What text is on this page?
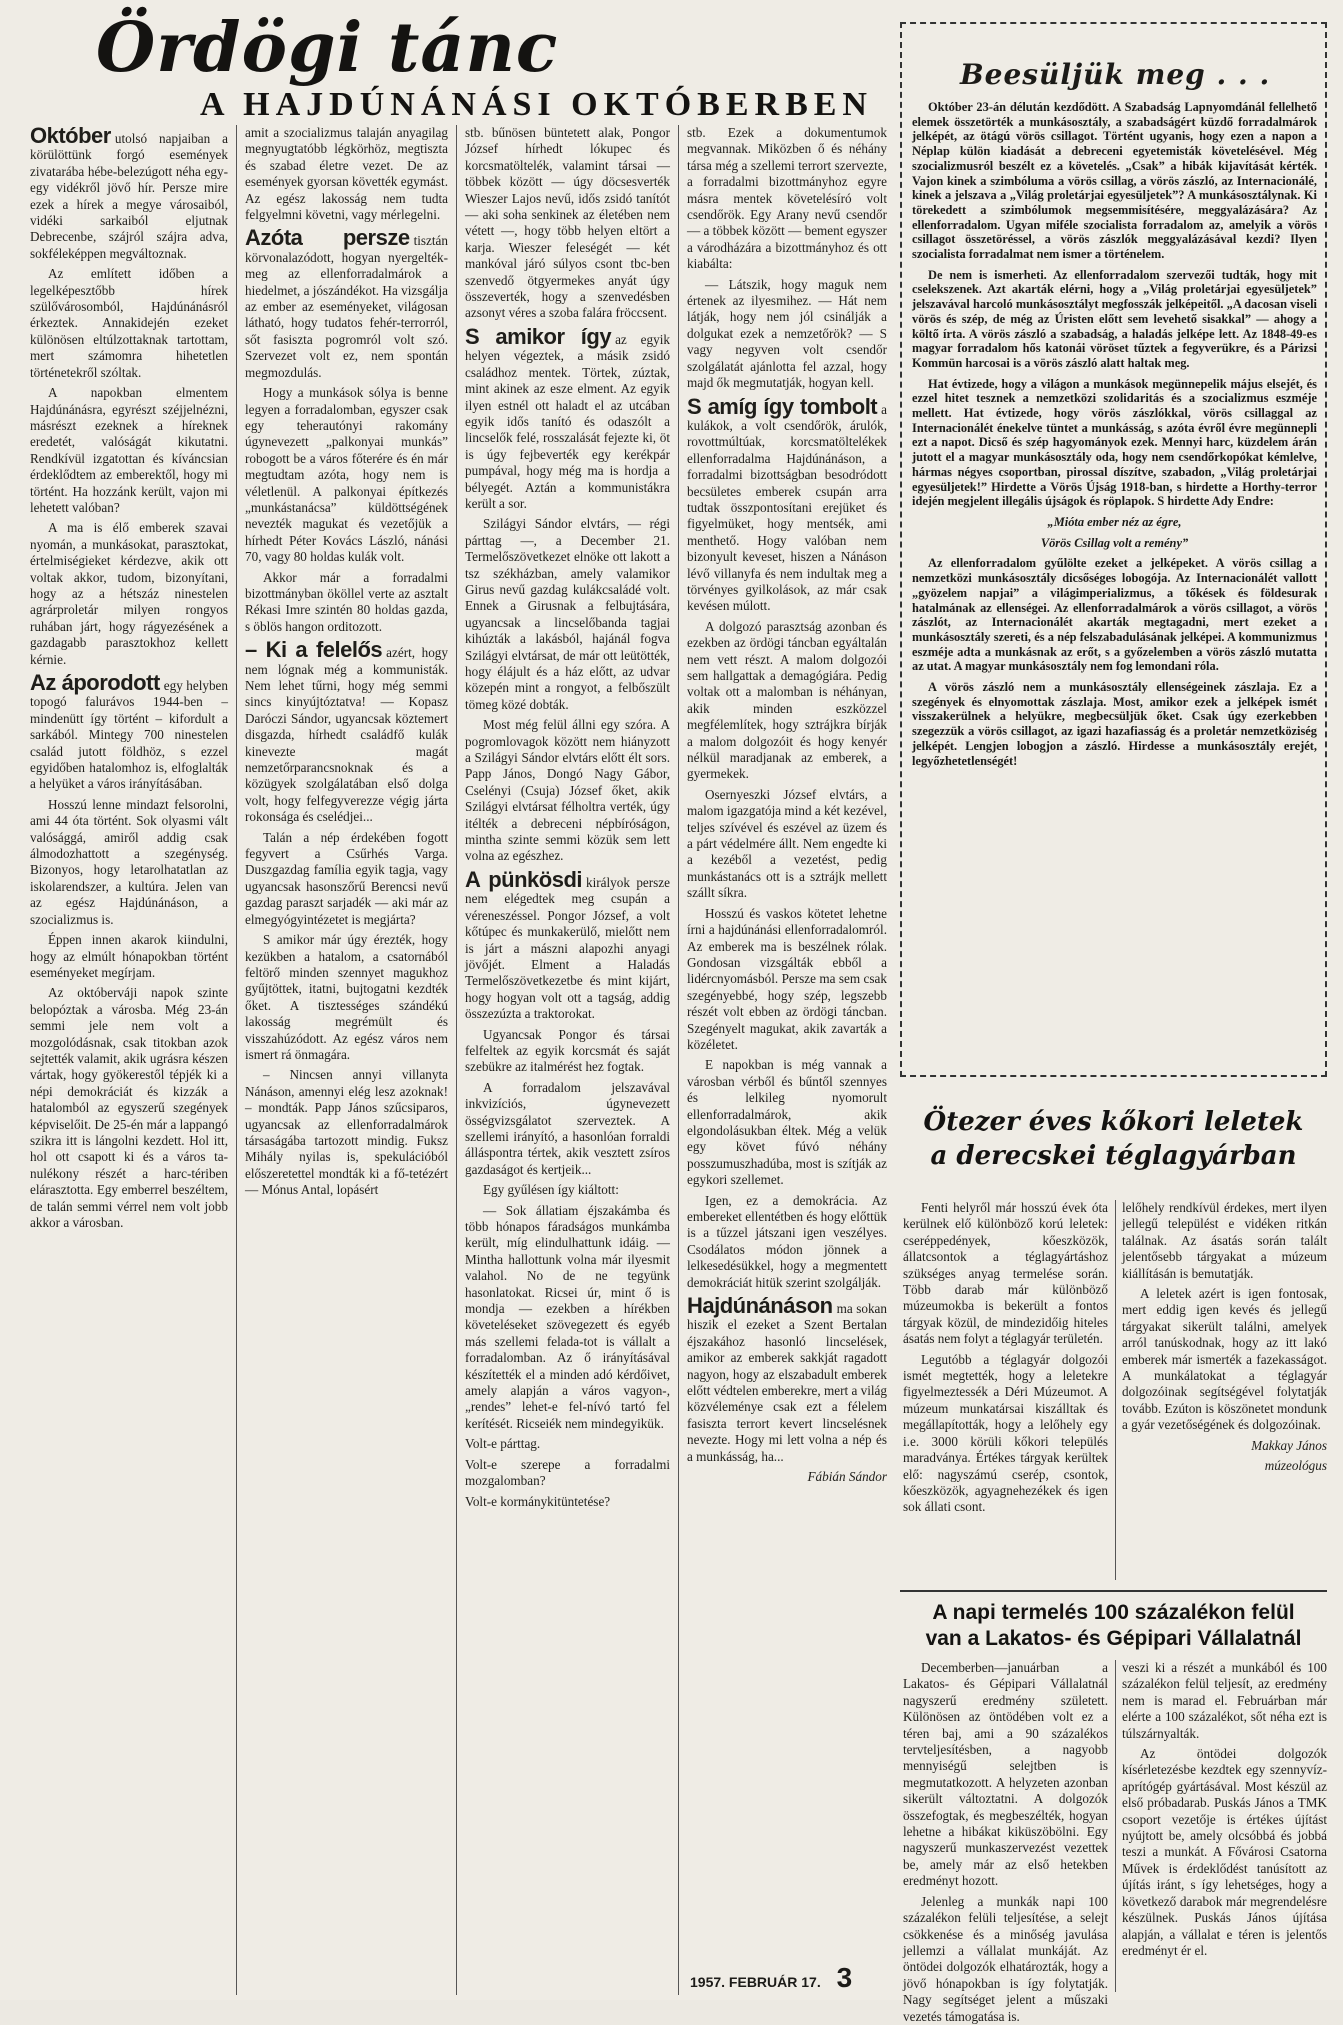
Ördögi tánc
A HAJDÚNÁNÁSI OKTÓBERBEN

Október utolsó napjaiban a körülöttünk forgó események zivatarába hébe-belezúgott néha egy-egy vidékről jövő hír. Persze mire ezek a hírek a megye városaiból, vidéki sarkaiból eljutnak Debrecenbe, szájról szájra adva, sokféleképpen megváltoznak.

Az említett időben a legelképesztőbb hírek szülővárosomból, Hajdúnánásról érkeztek. Annakidején ezeket különösen eltúlzottaknak tartottam, mert számomra hihetetlen történetekről szóltak.

A napokban elmentem Hajdúnánásra, egyrészt széjjelnézni, másrészt ezeknek a híreknek eredetét, valóságát kikutatni. Rendkívül izgatottan és kíváncsian érdeklődtem az emberektől, hogy mi történt. Ha hozzánk került, vajon mi lehetett valóban?

A ma is élő emberek szavai nyomán, a munkásokat, parasztokat, értelmiségieket kérdezve, akik ott voltak akkor, tudom, bizonyítani, hogy az a hétszáz ninestelen agrárproletár milyen rongyos ruhában járt, hogy rágyezésének a gazdagabb parasztokhoz kellett kérnie.

Az áporodott egy helyben topogó falurávos 1944-ben – mindenütt így történt – kifordult a sarkából. Mintegy 700 ninestelen család jutott földhöz, s ezzel egyidőben hatalomhoz is, elfoglalták a helyüket a város irányításában.

Hosszú lenne mindazt felsorolni, ami 44 óta történt. Sok olyasmi vált valósággá, amiről addig csak álmodozhattott a szegénység. Bizonyos, hogy letarolhatatlan az iskolarendszer, a kultúra. Jelen van az egész Hajdúnánáson, a szocializmus is.

Éppen innen akarok kiindulni, hogy az elmúlt hónapokban történt eseményeket megírjam.

Az októberváji napok szinte belopóztak a városba. Még 23-án semmi jele nem volt a mozgolódásnak, csak titokban azok sejtették valamit, akik ugrásra készen vártak, hogy gyökerestől tépjék ki a népi demokráciát és kizzák a hatalomból az egyszerű szegények képviselőit. De 25-én már a lappangó szikra itt is lángolni kezdett. Hol itt, hol ott csapott ki és a város ta-nulékony részét a harc-tériben elárasztotta. Egy emberrel beszéltem, de talán semmi vérrel nem volt jobb akkor a városban.

amit a szocializmus talaján anyagilag megnyugtatóbb légkörhöz, megtiszta és szabad életre vezet. De az események gyorsan követték egymást. Az egész lakosság nem tudta felgyelmni követni, vagy mérlegelni.

Azóta persze tisztán körvonalazódott, hogyan nyergelték-meg az ellenforradalmárok a hiedelmet, a jószándékot. Ha vizsgálja az ember az eseményeket, világosan látható, hogy tudatos fehér-terrorról, sőt fasiszta pogromról volt szó. Szervezet volt ez, nem spontán megmozdulás.

Hogy a munkások sólya is benne legyen a forradalomban, egyszer csak egy teherautónyi rakomány úgynevezett „palkonyai munkás” robogott be a város főterére és én már megtudtam azóta, hogy nem is véletlenül. A palkonyai építkezés „munkástanácsa” küldöttségének nevezték magukat és vezetőjük a hírhedt Péter Kovács László, nánási 70, vagy 80 holdas kulák volt.

Akkor már a forradalmi bizottmányban ököllel verte az asztalt Rékasi Imre szintén 80 holdas gazda, s öblös hangon orditozott.

– Ki a felelős azért, hogy nem lógnak még a kommunisták. Nem lehet tűrni, hogy még semmi sincs kinyújtóztatva! — Kopasz Daróczi Sándor, ugyancsak köztemert disgazda, hírhedt családfő kulák kinevezte magát nemzetőrparancsnoknak és a közügyek szolgálatában első dolga volt, hogy felfegyverezze végig járta rokonsága és cselédjei...

Talán a nép érdekében fogott fegyvert a Csűrhés Varga. Duszgazdag família egyik tagja, vagy ugyancsak hasonszőrű Berencsi nevű gazdag paraszt sarjadék — aki már az elmegyógyintézetet is megjárta?

S amikor már úgy érezték, hogy kezükben a hatalom, a csatornából feltörő minden szennyet magukhoz gyűjtöttek, itatni, bujtogatni kezdték őket. A tisztességes szándékú lakosság megrémült és visszahúzódott. Az egész város nem ismert rá önmagára.

– Nincsen annyi villanyta Nánáson, amennyi elég lesz azoknak! – mondták. Papp János szűcsiparos, ugyancsak az ellenforradalmárok társaságába tartozott mindig. Fuksz Mihály nyilas is, spekulációból előszeretettel mondták ki a fő-tetézért — Mónus Antal, lopásért

stb. bűnösen büntetett alak, Pongor József hírhedt lókupec és korcsmatöltelék, valamint társai — többek között — úgy döcsesverték Wieszer Lajos nevű, idős zsidó tanítót — aki soha senkinek az életében nem vétett —, hogy több helyen eltört a karja. Wieszer feleségét — két mankóval járó súlyos csont tbc-ben szenvedő ötgyermekes anyát úgy összeverték, hogy a szenvedésben azsonyt véres a szoba falára fröccsent.

S amikor így az egyik helyen végeztek, a másik zsidó családhoz mentek. Törtek, zúztak, mint akinek az esze elment. Az egyik ilyen estnél ott haladt el az utcában egyik idős tanító és odaszólt a lincselők felé, rosszalását fejezte ki, öt is úgy fejbeverték egy kerékpár pumpával, hogy még ma is hordja a bélyegét. Aztán a kommunistákra került a sor.

Szilágyi Sándor elvtárs, — régi párttag —, a December 21. Termelőszövetkezet elnöke ott lakott a tsz székházban, amely valamikor Girus nevű gazdag kulákcsaládé volt. Ennek a Girusnak a felbujtására, ugyancsak a lincselőbanda tagjai kihúzták a lakásból, hajánál fogva Szilágyi elvtársat, de már ott leütötték, hogy élájult és a ház előtt, az udvar közepén mint a rongyot, a felbőszült tömeg közé dobták.

Most még felül állni egy szóra. A pogromlovagok között nem hiányzott a Szilágyi Sándor elvtárs előtt élt sors. Papp János, Dongó Nagy Gábor, Cselényi (Csuja) József őket, akik Szilágyi elvtársat félholtra verték, úgy itélték a debreceni népbíróságon, mintha szinte semmi közük sem lett volna az egészhez.

A pünkösdi királyok persze nem elégedtek meg csupán a véreneszéssel. Pongor József, a volt kőtúpec és munkakerülő, mielőtt nem is járt a mászni alapozhi anyagi jövőjét. Elment a Haladás Termelőszövetkezetbe és mint kijárt, hogy hogyan volt ott a tagság, addig összezúzta a traktorokat.

Ugyancsak Pongor és társai felfeltek az egyik korcsmát és saját szebükre az italmérést hez fogtak.

A forradalom jelszavával inkvizíciós, úgynevezett össégvizsgálatot szerveztek. A szellemi irányító, a hasonlóan forraldi álláspontra tértek, akik vesztett zsíros gazdaságot és kertjeik...

Egy gyűlésen így kiáltott:

— Sok állatiam éjszakámba és több hónapos fáradságos munkámba került, míg elindulhattunk idáig. — Mintha hallottunk volna már ilyesmit valahol. No de ne tegyünk hasonlatokat. Ricsei úr, mint ő is mondja — ezekben a hírékben követeléseket szövegezett és egyéb más szellemi felada-tot is vállalt a forradalomban. Az ő irányításával készítették el a minden adó kérdőivet, amely alapján a város vagyon-, „rendes” lehet-e fel-nívó tartó fel kerítését. Ricseiék nem mindegyikük.

Volt-e párttag.

Volt-e szerepe a forradalmi mozgalomban?

Volt-e kormánykitüntetése?

stb. Ezek a dokumentumok megvannak. Miközben ő és néhány társa még a szellemi terrort szervezte, a forradalmi bizottmányhoz egyre másra mentek követelésíró volt csendőrök. Egy Arany nevű csendőr — a többek között — bement egyszer a várodházára a bizottmányhoz és ott kiabálta:

— Látszik, hogy maguk nem értenek az ilyesmihez. — Hát nem látják, hogy nem jól csinálják a dolgukat ezek a nemzetőrök? — S vagy negyven volt csendőr szolgálatát ajánlotta fel azzal, hogy majd ők megmutatják, hogyan kell.

S amíg így tombolt a kulákok, a volt csendőrök, árulók, rovottmúltúak, korcsmatöltelékek ellenforradalma Hajdúnánáson, a forradalmi bizottságban besodródott becsületes emberek csupán arra tudtak összpontosítani erejüket és figyelmüket, hogy mentsék, ami menthető. Hogy valóban nem bizonyult keveset, hiszen a Nánáson lévő villanyfa és nem indultak meg a törvényes gyilkolások, az már csak kevésen múlott.

A dolgozó parasztság azonban és ezekben az ördögi táncban egyáltalán nem vett részt. A malom dolgozói sem hallgattak a demagógiára. Pedig voltak ott a malomban is néhányan, akik minden eszközzel megfélemlítek, hogy sztrájkra bírják a malom dolgozóit és hogy kenyér nélkül maradjanak az emberek, a gyermekek.

Osernyeszki József elvtárs, a malom igazgatója mind a két kezével, teljes szívével és eszével az üzem és a párt védelmére állt. Nem engedte ki a kezéből a vezetést, pedig munkástanács ott is a sztrájk mellett szállt síkra.

Hosszú és vaskos kötetet lehetne írni a hajdúnánási ellenforradalomról. Az emberek ma is beszélnek rólak. Gondosan vizsgálták ebből a lidércnyomásból. Persze ma sem csak szegényebbé, hogy szép, legszebb részét volt ebben az ördögi táncban. Szegényelt magukat, akik zavarták a közéletet.

E napokban is még vannak a városban vérből és bűntől szennyes és lelkileg nyomorult ellenforradalmárok, akik elgondolásukban éltek. Még a velük egy követ fúvó néhány posszumuszhadúba, most is szítják az egykori szellemet.

Igen, ez a demokrácia. Az embereket ellentétben és hogy előttük is a tűzzel játszani igen veszélyes. Csodálatos módon jönnek a lelkesedésükkel, hogy a megmentett demokráciát hitük szerint szolgálják.

Hajdúnánáson ma sokan hiszik el ezeket a Szent Bertalan éjszakához hasonló lincselések, amikor az emberek sakkját ragadott nagyon, hogy az elszabadult emberek előtt védtelen emberekre, mert a világ közvéleménye csak ezt a félelem fasiszta terrort kevert lincselésnek nevezte. Hogy mi lett volna a nép és a munkásság, ha...

Fábián Sándor

1957. FEBRUÁR 17. 3
Beesüljük meg . . .

Október 23-án délután kezdődött. A Szabadság Lapnyomdánál fellelhető elemek összetörték a munkásosztály, a szabadságért küzdő forradalmárok jelképét, az ötágú vörös csillagot. Történt ugyanis, hogy ezen a napon a Néplap külön kiadását a debreceni egyetemisták követelésével. Még szocializmusról beszélt ez a követelés. „Csak” a hibák kijavítását kérték. Vajon kinek a szimbóluma a vörös csillag, a vörös zászló, az Internacionálé, kinek a jelszava a „Világ proletárjai egyesüljetek”? A munkásosztálynak. Ki törekedett a szimbólumok megsemmisítésére, meggyalázására? Az ellenforradalom. Ugyan miféle szocialista forradalom az, amelyik a vörös csillagot összetöréssel, a vörös zászlók meggyalázásával kezdi? Ilyen szocialista forradalmat nem ismer a történelem.

De nem is ismerheti. Az ellenforradalom szervezői tudták, hogy mit cselekszenek. Azt akarták elérni, hogy a „Világ proletárjai egyesüljetek” jelszavával harcoló munkásosztályt megfosszák jelképeitől. „A dacosan viseli vörös és szép, de még az Úristen előtt sem levehető sisakkal” — ahogy a költő írta. A vörös zászló a szabadság, a haladás jelképe lett. Az 1848-49-es magyar forradalom hős katonái vöröset tűztek a fegyverükre, és a Párizsi Kommün harcosai is a vörös zászló alatt haltak meg.

Hat évtizede, hogy a világon a munkások megünnepelik május elsejét, és ezzel hitet tesznek a nemzetközi szolidaritás és a szocializmus eszméje mellett. Hat évtizede, hogy vörös zászlókkal, vörös csillaggal az Internacionálét énekelve tüntet a munkásság, s azóta évről évre megünnepli ezt a napot. Dicső és szép hagyományok ezek. Mennyi harc, küzdelem árán jutott el a magyar munkásosztály oda, hogy nem csendőrkopókat kémlelve, hármas négyes csoportban, pirossal díszítve, szabadon, „Világ proletárjai egyesüljetek!” Hirdette a Vörös Újság 1918-ban, s hirdette a Horthy-terror idején megjelent illegális újságok és röplapok. S hirdette Ady Endre:

„Mióta ember néz az égre,

Vörös Csillag volt a remény”

Az ellenforradalom gyűlölte ezeket a jelképeket. A vörös csillag a nemzetközi munkásosztály dicsőséges lobogója. Az Internacionálét vallott „gyözelem napjai” a világimperializmus, a tőkések és földesurak hatalmának az ellenségei. Az ellenforradalmárok a vörös csillagot, a vörös zászlót, az Internacionálét akarták megtagadni, mert ezeket a munkásosztály szereti, és a nép felszabadulásának jelképei. A kommunizmus eszméje adta a munkásnak az erőt, s a győzelemben a vörös zászló mutatta az utat. A magyar munkásosztály nem fog lemondani róla.

A vörös zászló nem a munkásosztály ellenségeinek zászlaja. Ez a szegények és elnyomottak zászlaja. Most, amikor ezek a jelképek ismét visszakerülnek a helyükre, megbecsüljük őket. Csak úgy ezerkebben szegezzük a vörös csillagot, az igazi hazafiasság és a proletár nemzetköziség jelképét. Lengjen lobogjon a zászló. Hirdesse a munkásosztály erejét, legyőzhetetlenségét!

Ötezer éves kőkori leletek
a derecskei téglagyárban

Fenti helyről már hosszú évek óta kerülnek elő különböző korú leletek: cseréppedények, kőeszközök, állatcsontok a téglagyártáshoz szükséges anyag termelése során. Több darab már különböző múzeumokba is bekerült a fontos tárgyak közül, de mindezidőig hiteles ásatás nem folyt a téglagyár területén.

Legutóbb a téglagyár dolgozói ismét megtették, hogy a leletekre figyelmeztessék a Déri Múzeumot. A múzeum munkatársai kiszálltak és megállapították, hogy a lelőhely egy i.e. 3000 körüli kőkori település maradványa. Értékes tárgyak kerültek elő: nagyszámú cserép, csontok, kőeszközök, agyagnehezékek és igen sok állati csont.

lelőhely rendkívül érdekes, mert ilyen jellegű települést e vidéken ritkán találnak. Az ásatás során talált jelentősebb tárgyakat a múzeum kiállításán is bemutatják.

A leletek azért is igen fontosak, mert eddig igen kevés és jellegű tárgyakat sikerült találni, amelyek arról tanúskodnak, hogy az itt lakó emberek már ismerték a fazekasságot. A munkálatokat a téglagyár dolgozóinak segítségével folytatják tovább. Ezúton is köszönetet mondunk a gyár vezetőségének és dolgozóinak.

Makkay János

múzeológus

A napi termelés 100 százalékon felül
van a Lakatos- és Gépipari Vállalatnál

Decemberben—januárban a Lakatos- és Gépipari Vállalatnál nagyszerű eredmény született. Különösen az öntödében volt ez a téren baj, ami a 90 százalékos tervteljesítésben, a nagyobb mennyiségű selejtben is megmutatkozott. A helyzeten azonban sikerült változtatni. A dolgozók összefogtak, és megbeszélték, hogyan lehetne a hibákat kiküszöbölni. Egy nagyszerű munkaszervezést vezettek be, amely már az első hetekben eredményt hozott.

Jelenleg a munkák napi 100 százalékon felüli teljesítése, a selejt csökkenése és a minőség javulása jellemzi a vállalat munkáját. Az öntödei dolgozók elhatározták, hogy a jövő hónapokban is így folytatják. Nagy segítséget jelent a műszaki vezetés támogatása is.

veszi ki a részét a munkából és 100 százalékon felül teljesít, az eredmény nem is marad el. Februárban már elérte a 100 százalékot, sőt néha ezt is túlszárnyalták.

Az öntödei dolgozók kísérletezésbe kezdtek egy szennyvíz-aprítógép gyártásával. Most készül az első próbadarab. Puskás János a TMK csoport vezetője is értékes újítást nyújtott be, amely olcsóbbá és jobbá teszi a munkát. A Fővárosi Csatorna Művek is érdeklődést tanúsított az újítás iránt, s így lehetséges, hogy a következő darabok már megrendelésre készülnek. Puskás János újítása alapján, a vállalat e téren is jelentős eredményt ér el.
